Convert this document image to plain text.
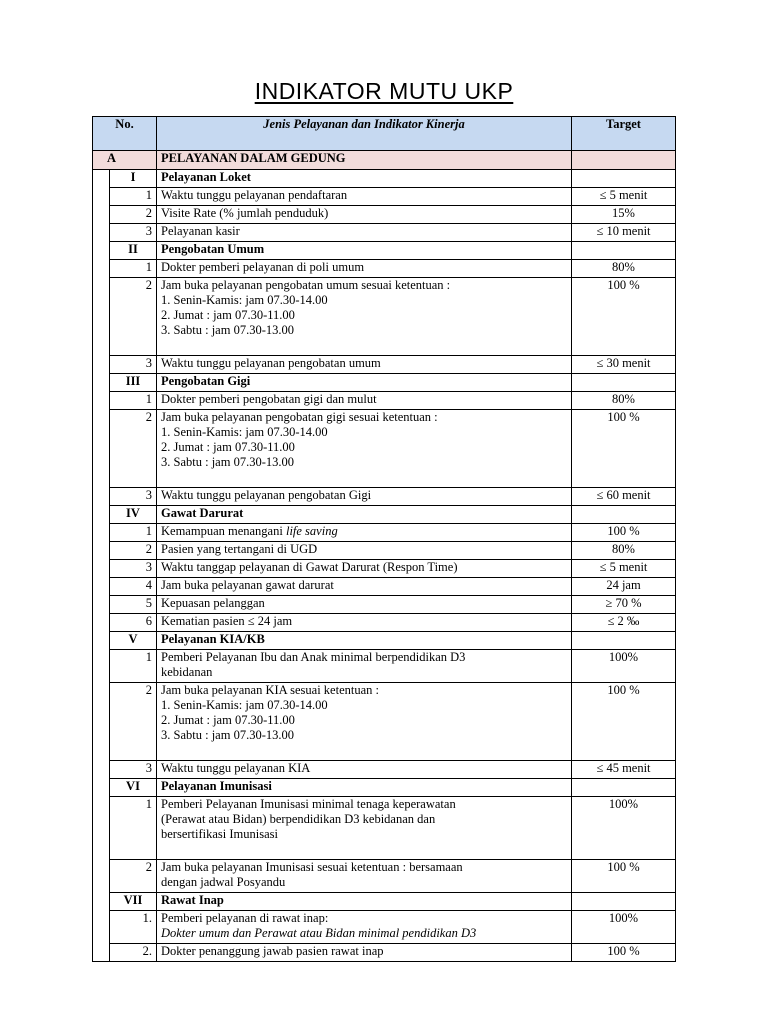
INDIKATOR MUTU UKP
No.		Jenis Pelayanan dan Indikator Kinerja	Target
A		PELAYANAN DALAM GEDUNG	
	I	Pelayanan Loket	
	1	Waktu tunggu pelayanan pendaftaran	≤ 5 menit
	2	Visite Rate (% jumlah penduduk)	15%
	3	Pelayanan kasir	≤ 10 menit
	II	Pengobatan Umum	
	1	Dokter pemberi pelayanan di poli umum	80%
	2	Jam buka pelayanan pengobatan umum sesuai ketentuan :
1. Senin-Kamis: jam 07.30-14.00
2. Jumat : jam 07.30-11.00
3. Sabtu : jam 07.30-13.00	100 %
	3	Waktu tunggu pelayanan pengobatan umum	≤ 30 menit
	III	Pengobatan Gigi	
	1	Dokter pemberi pengobatan gigi dan mulut	80%
	2	Jam buka pelayanan pengobatan gigi sesuai ketentuan :
1. Senin-Kamis: jam 07.30-14.00
2. Jumat : jam 07.30-11.00
3. Sabtu : jam 07.30-13.00	100 %
	3	Waktu tunggu pelayanan pengobatan Gigi	≤ 60 menit
	IV	Gawat Darurat	
	1	Kemampuan menangani life saving	100 %
	2	Pasien yang tertangani di UGD	80%
	3	Waktu tanggap pelayanan di Gawat Darurat (Respon Time)	≤ 5 menit
	4	Jam buka pelayanan gawat darurat	24 jam
	5	Kepuasan pelanggan	≥ 70 %
	6	Kematian pasien ≤ 24 jam	≤ 2 ‰
	V	Pelayanan KIA/KB	
	1	Pemberi Pelayanan Ibu dan Anak minimal berpendidikan D3
kebidanan	100%
	2	Jam buka pelayanan KIA sesuai ketentuan :
1. Senin-Kamis: jam 07.30-14.00
2. Jumat : jam 07.30-11.00
3. Sabtu : jam 07.30-13.00	100 %
	3	Waktu tunggu pelayanan KIA	≤ 45 menit
	VI	Pelayanan Imunisasi	
	1	Pemberi Pelayanan Imunisasi minimal tenaga keperawatan
(Perawat atau Bidan) berpendidikan D3 kebidanan dan
bersertifikasi Imunisasi	100%
	2	Jam buka pelayanan Imunisasi sesuai ketentuan : bersamaan
dengan jadwal Posyandu	100 %
	VII	Rawat Inap	
	1.	Pemberi pelayanan di rawat inap:
Dokter umum dan Perawat atau Bidan minimal pendidikan D3	100%
	2.	Dokter penanggung jawab pasien rawat inap	100 %
